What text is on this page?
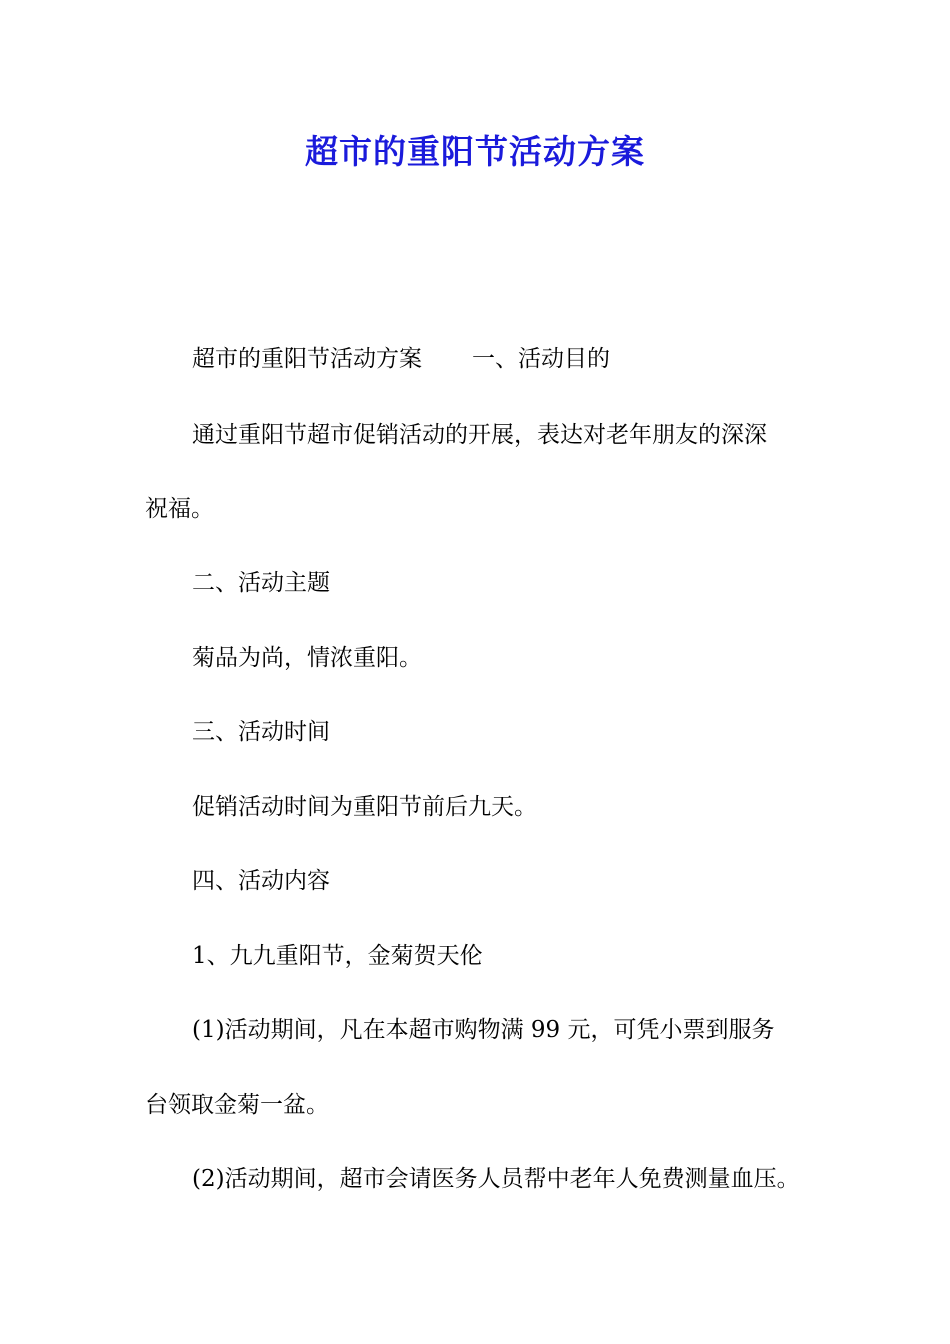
超市的重阳节活动方案
超市的重阳节活动方案 一、活动目的
通过重阳节超市促销活动的开展，表达对老年朋友的深深
祝福。
二、活动主题
菊品为尚，情浓重阳。
三、活动时间
促销活动时间为重阳节前后九天。
四、活动内容
1、九九重阳节，金菊贺天伦
(1)活动期间，凡在本超市购物满 99 元，可凭小票到服务
台领取金菊一盆。
(2)活动期间，超市会请医务人员帮中老年人免费测量血压。
